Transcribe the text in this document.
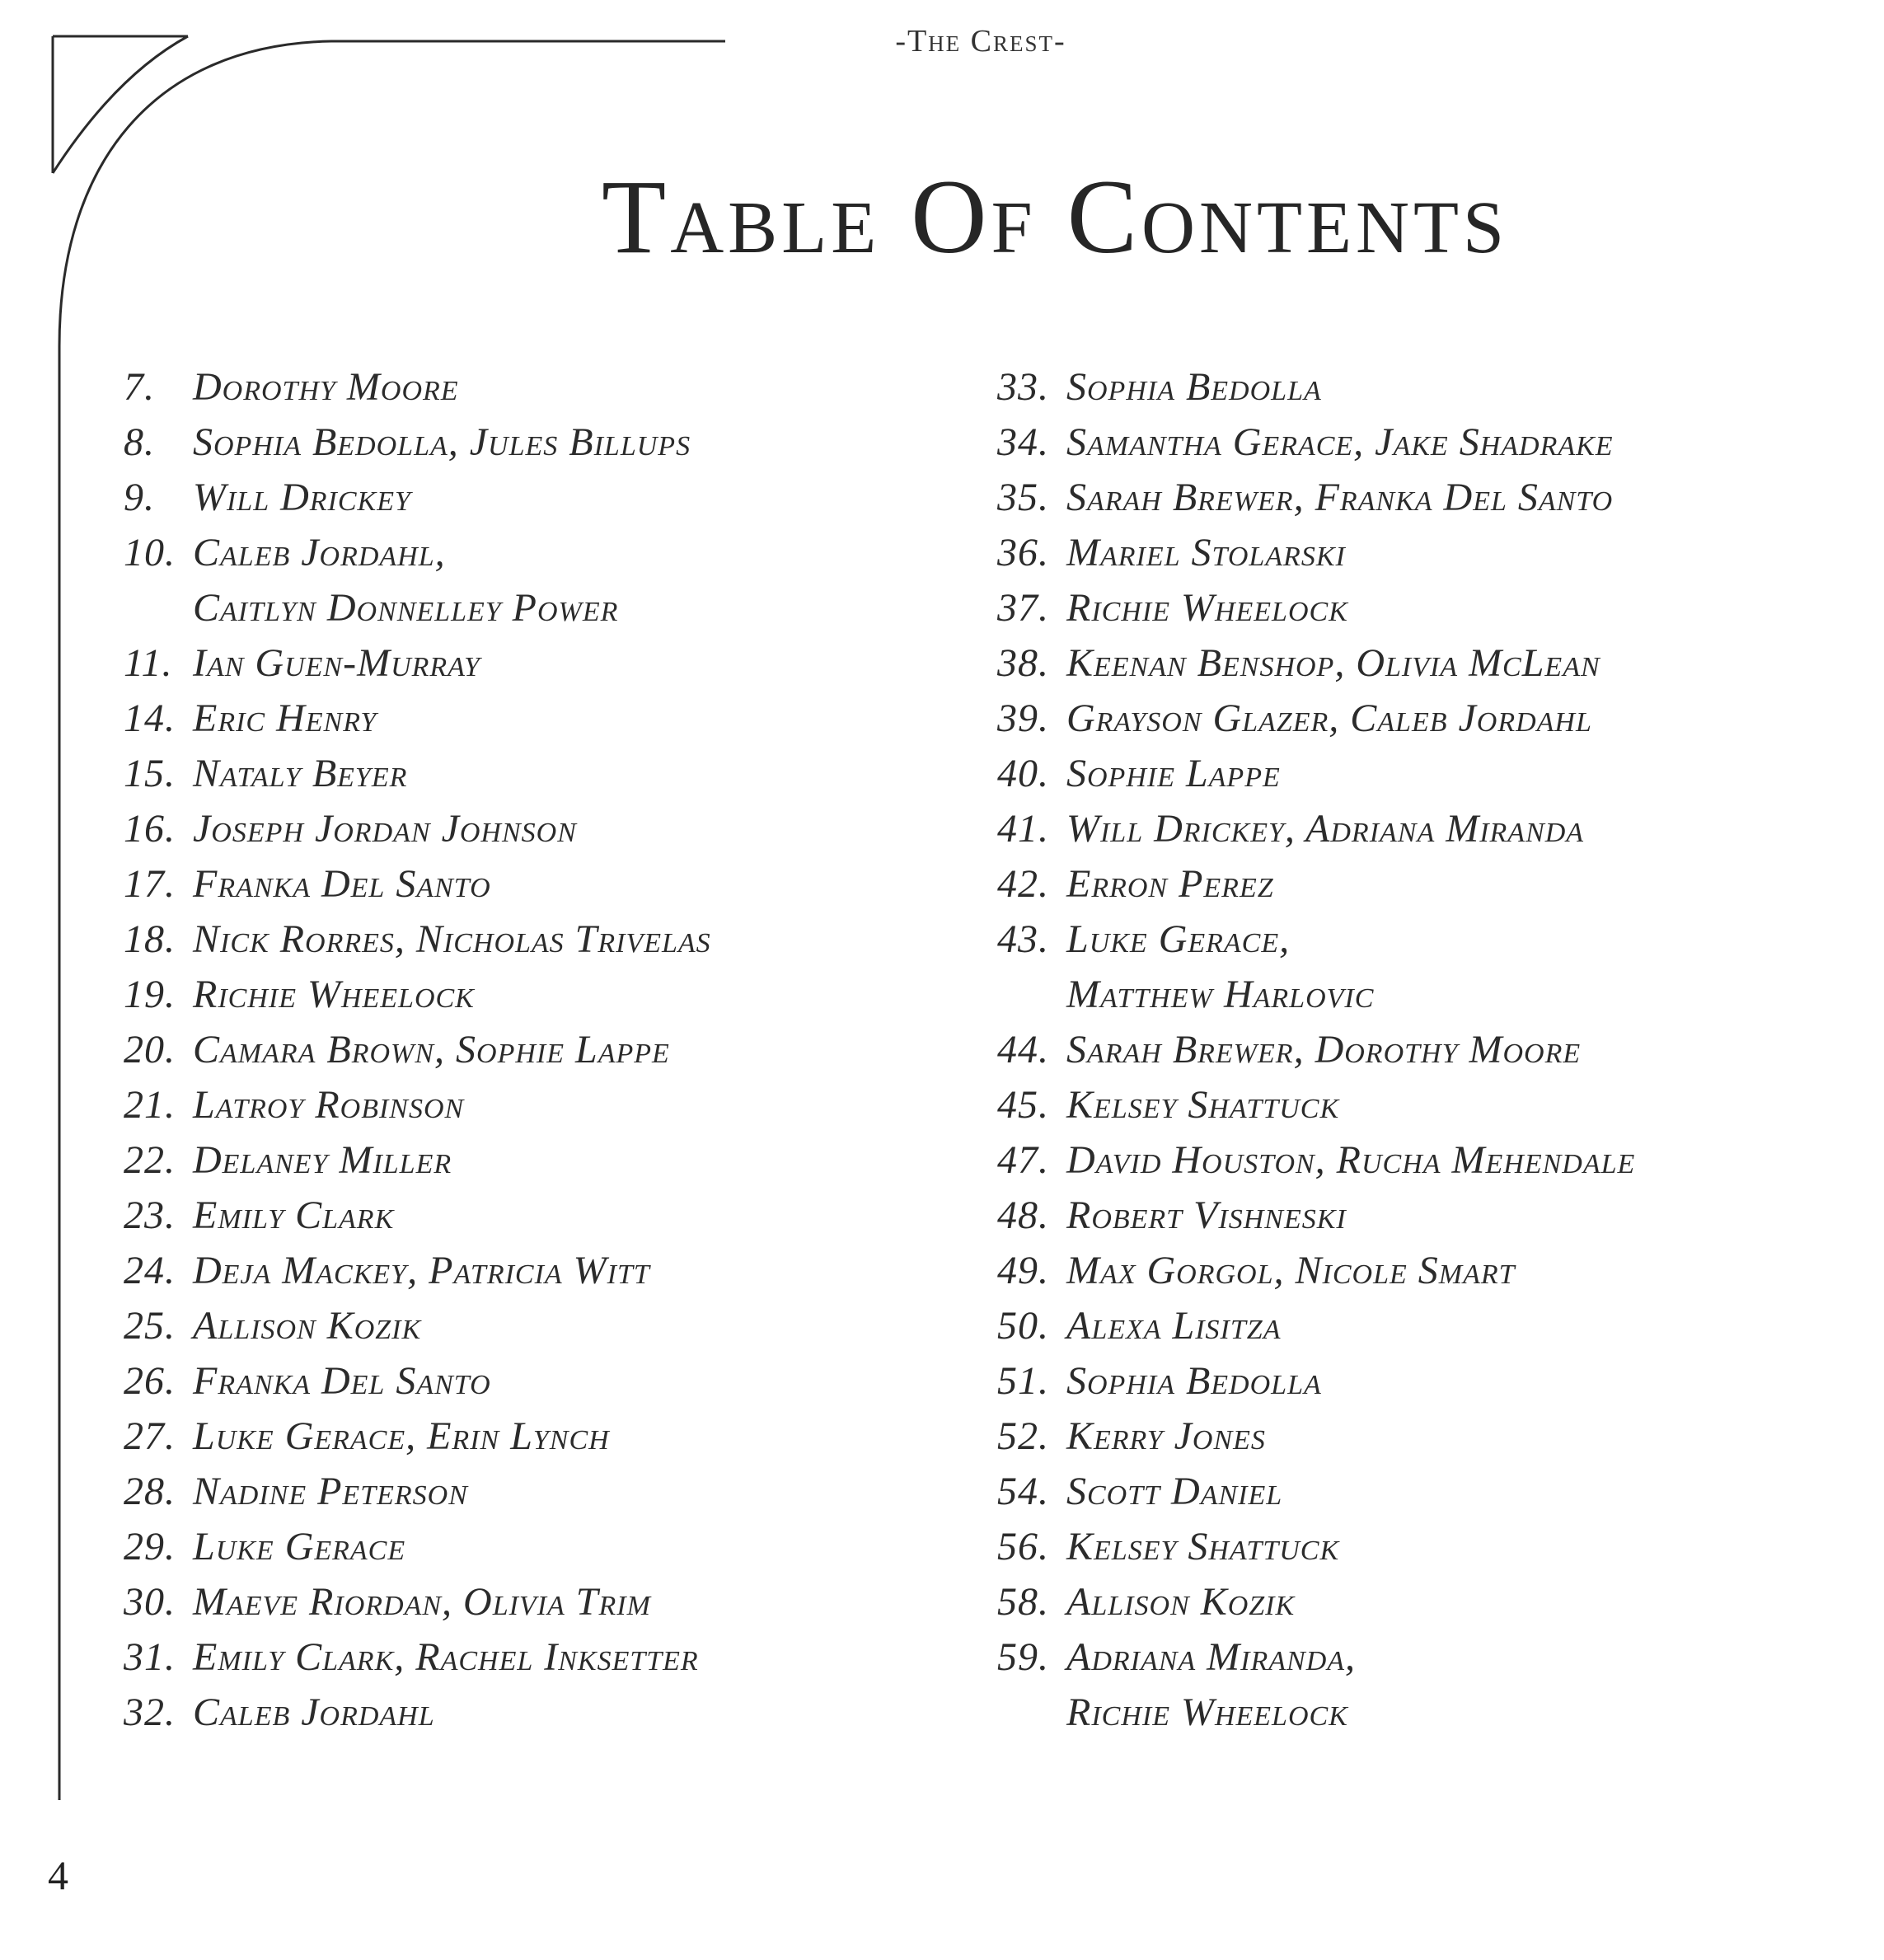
-The Crest-
Table Of Contents
7. Dorothy Moore
8. Sophia Bedolla, Jules Billups
9. Will Drickey
10. Caleb Jordahl,
Caitlyn Donnelley Power
11. Ian Guen-Murray
14. Eric Henry
15. Nataly Beyer
16. Joseph Jordan Johnson
17. Franka Del Santo
18. Nick Rorres, Nicholas Trivelas
19. Richie Wheelock
20. Camara Brown, Sophie Lappe
21. Latroy Robinson
22. Delaney Miller
23. Emily Clark
24. Deja Mackey, Patricia Witt
25. Allison Kozik
26. Franka Del Santo
27. Luke Gerace, Erin Lynch
28. Nadine Peterson
29. Luke Gerace
30. Maeve Riordan, Olivia Trim
31. Emily Clark, Rachel Inksetter
32. Caleb Jordahl
33. Sophia Bedolla
34. Samantha Gerace, Jake Shadrake
35. Sarah Brewer, Franka Del Santo
36. Mariel Stolarski
37. Richie Wheelock
38. Keenan Benshop, Olivia McLean
39. Grayson Glazer, Caleb Jordahl
40. Sophie Lappe
41. Will Drickey, Adriana Miranda
42. Erron Perez
43. Luke Gerace,
Matthew Harlovic
44. Sarah Brewer, Dorothy Moore
45. Kelsey Shattuck
47. David Houston, Rucha Mehendale
48. Robert Vishneski
49. Max Gorgol, Nicole Smart
50. Alexa Lisitza
51. Sophia Bedolla
52. Kerry Jones
54. Scott Daniel
56. Kelsey Shattuck
58. Allison Kozik
59. Adriana Miranda,
Richie Wheelock
4
